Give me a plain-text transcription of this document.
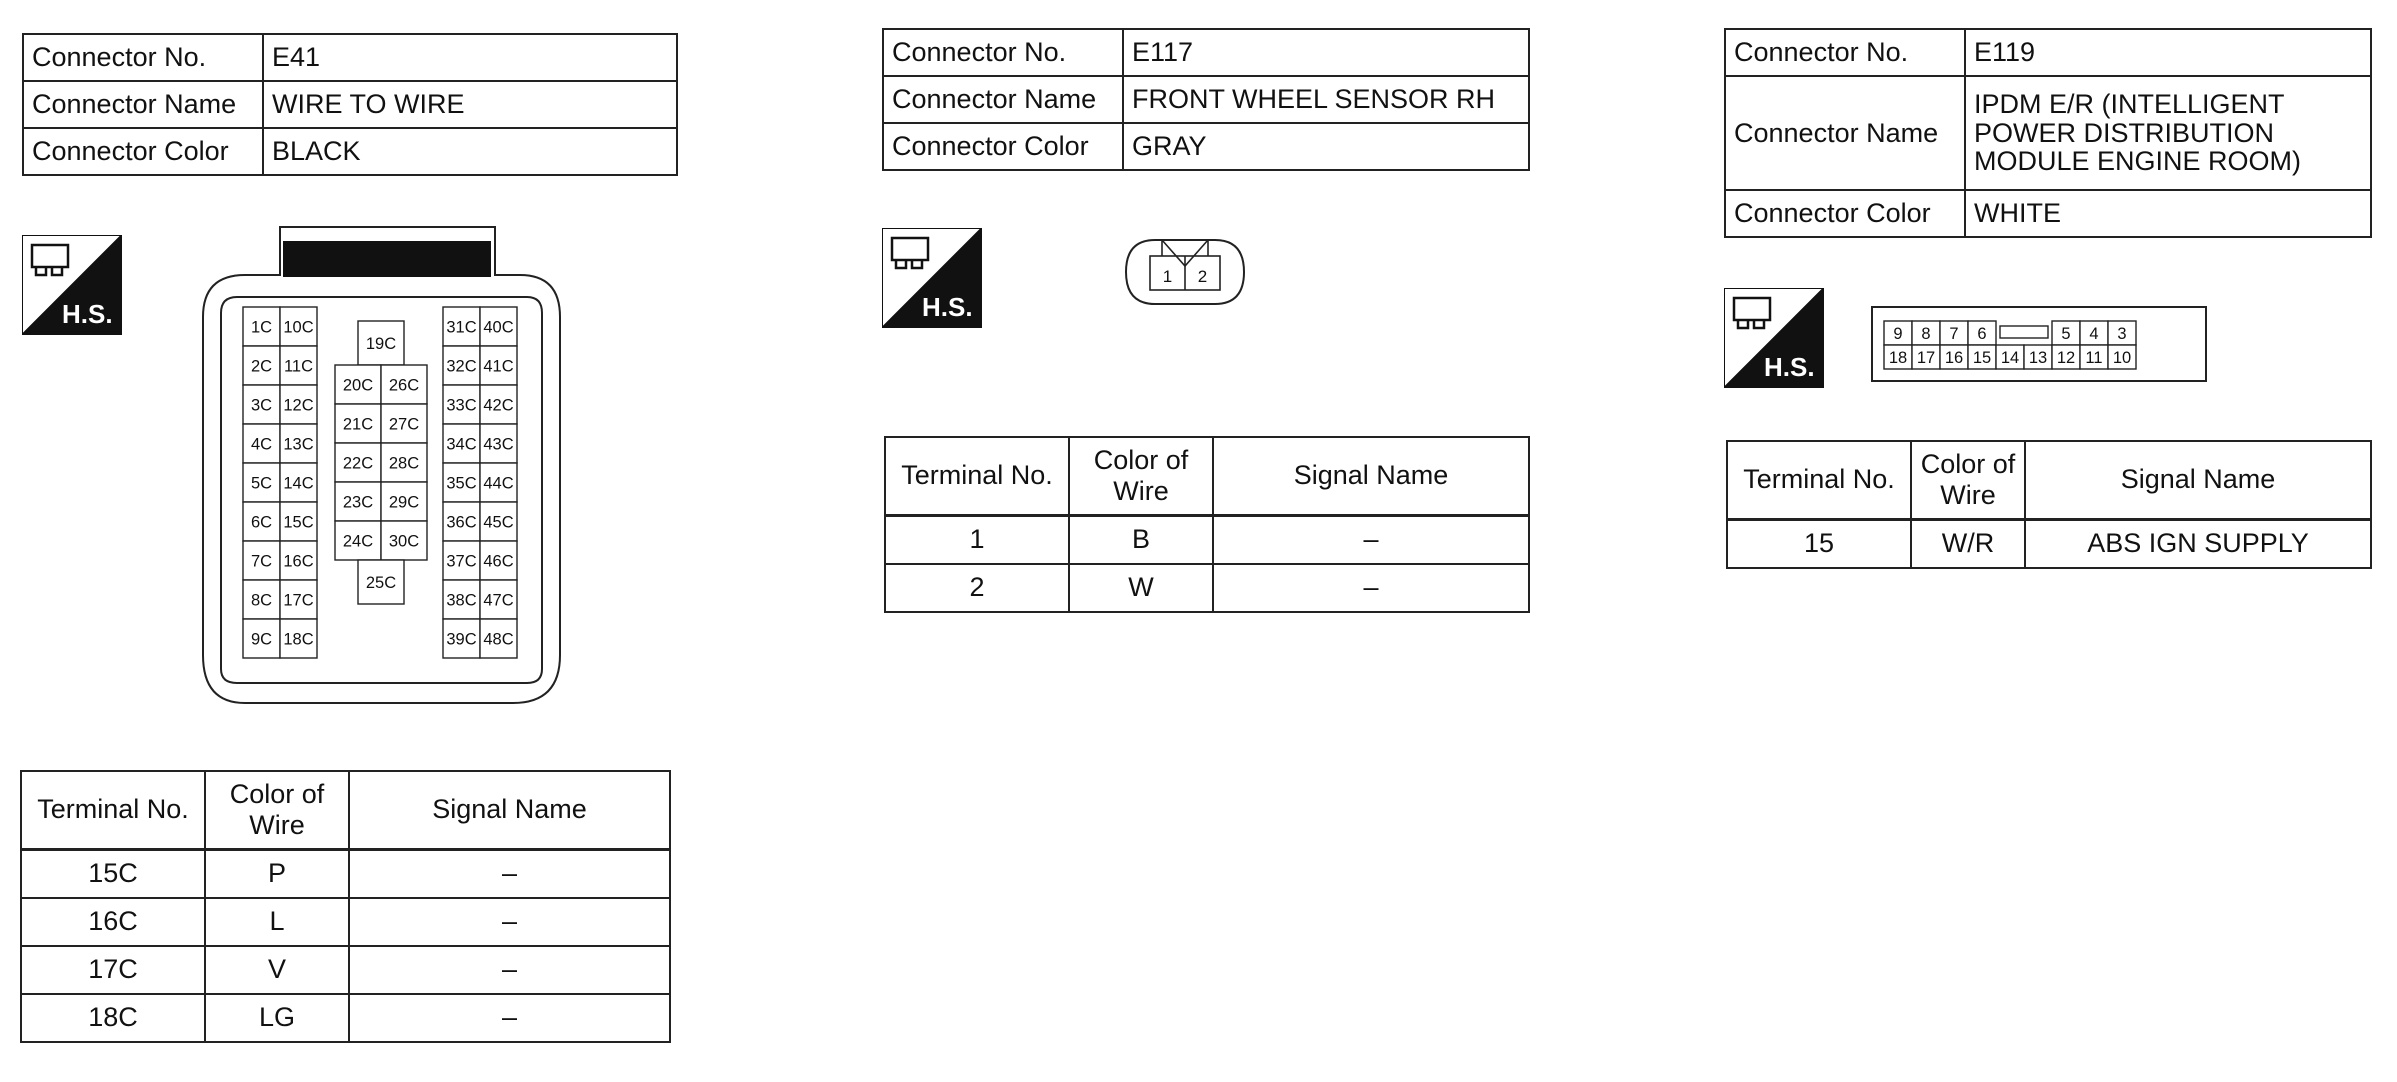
Connector No.	E41
Connector Name	WIRE TO WIRE
Connector Color	BLACK
H.S.	1C
2C
3C
4C
5C
6C
7C
8C
9C
10C
11C
12C
13C
14C
15C
16C
17C
18C
31C
32C
33C
34C
35C
36C
37C
38C
39C
40C
41C
42C
43C
44C
45C
46C
47C
48C
19C
20C
21C
22C
23C
24C
26C
27C
28C
29C
30C
25C
Terminal No.	Color of Wire	Signal Name
15C	P	–
16C	L	–
17C	V	–
18C	LG	–
Connector No.	E117
Connector Name	FRONT WHEEL SENSOR RH
Connector Color	GRAY
H.S.
1 2
Terminal No.	Color of Wire	Signal Name
1	B	–
2	W	–
Connector No.	E119
Connector Name	IPDM E/R (INTELLIGENT
POWER DISTRIBUTION
MODULE ENGINE ROOM)

Connector Color	WHITE
H.S.
9 8 7 6	5 4 3
18 17 16 15 14 13 12 11 10
Terminal No.	Color of Wire	Signal Name
15	W/R	ABS IGN SUPPLY
